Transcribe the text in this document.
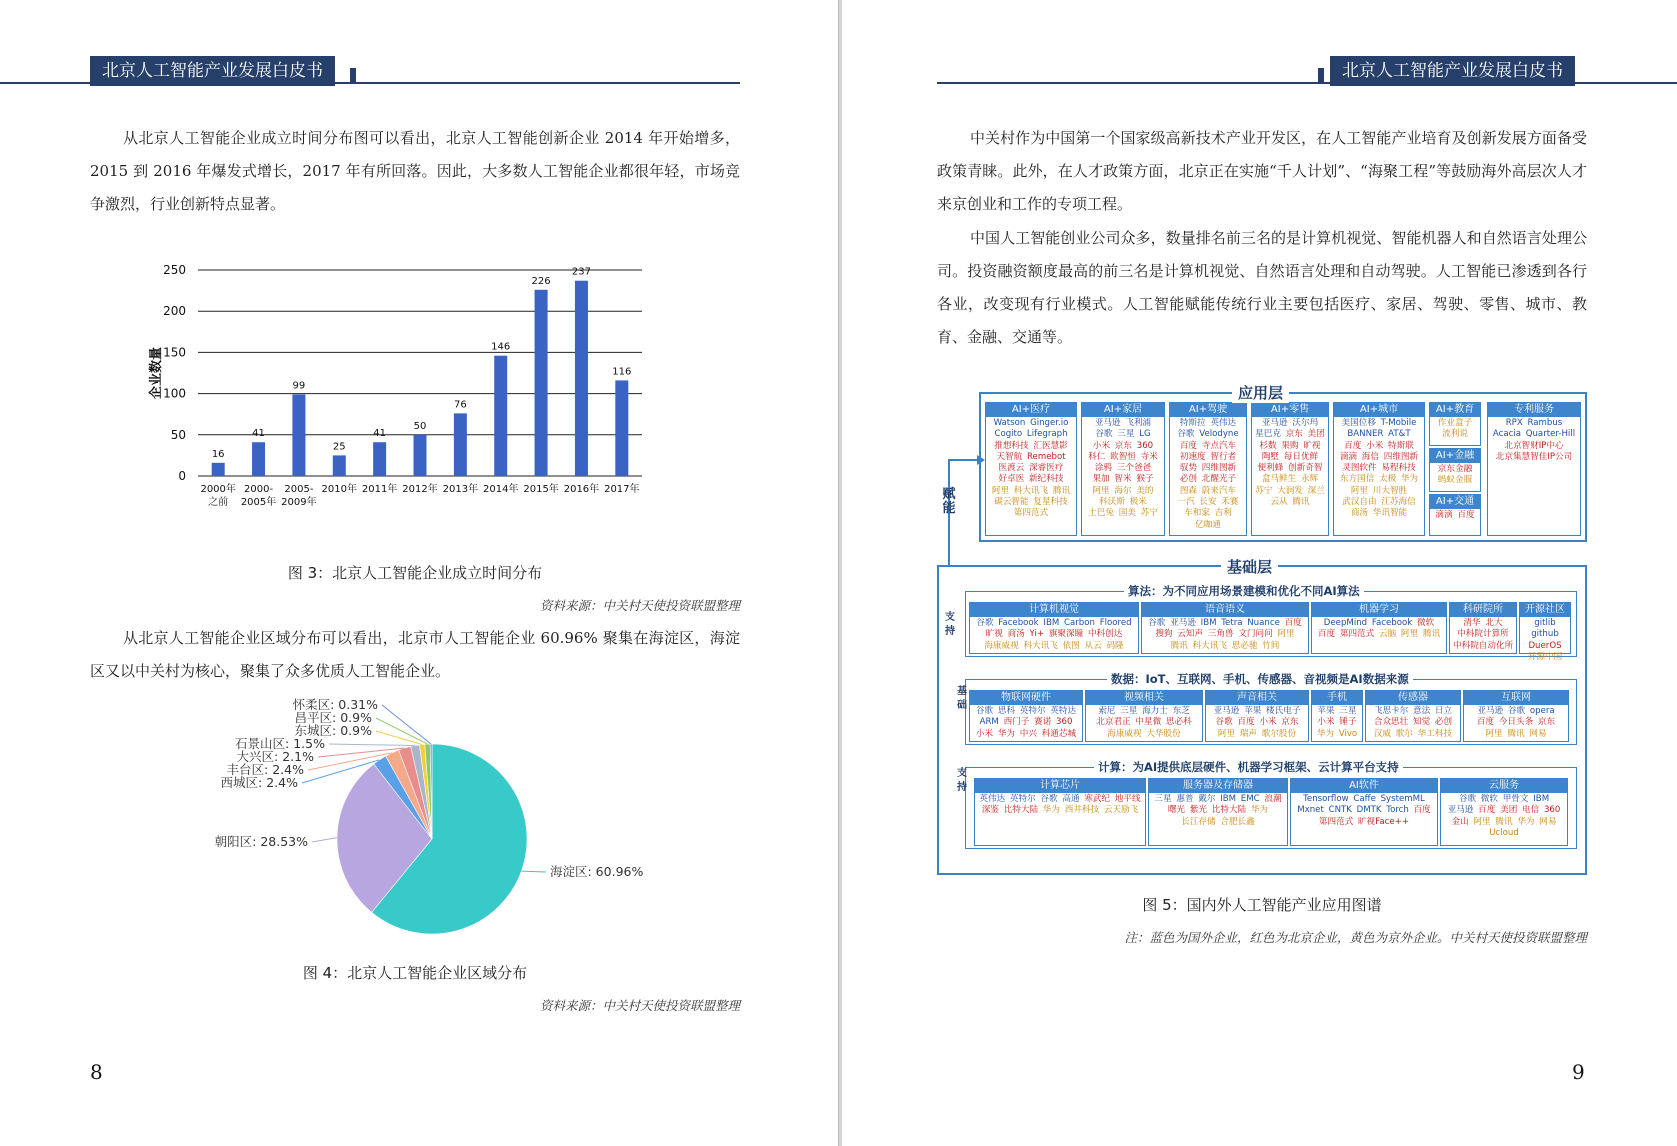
北京人工智能产业发展白皮书
从北京人工智能企业成立时间分布图可以看出，北京人工智能创新企业 2014 年开始增多，2015 到 2016 年爆发式增长，2017 年有所回落。因此，大多数人工智能企业都很年轻，市场竞争激烈，行业创新特点显著。
0
50
100
150
200
250
16
2000年
之前
41
2000-
2005年
99
2005-
2009年
25
2010年
41
2011年
50
2012年
76
2013年
146
2014年
226
2015年
237
2016年
116
2017年
企业数量
图 3：北京人工智能企业成立时间分布
资料来源：中关村天使投资联盟整理
从北京人工智能企业区域分布可以看出，北京市人工智能企业 60.96% 聚集在海淀区，海淀区又以中关村为核心，聚集了众多优质人工智能企业。
海淀区: 60.96%
朝阳区: 28.53%
西城区: 2.4%
丰台区: 2.4%
大兴区: 2.1%
石景山区: 1.5%
东城区: 0.9%
昌平区: 0.9%
怀柔区: 0.31%
图 4：北京人工智能企业区域分布
资料来源：中关村天使投资联盟整理
8
北京人工智能产业发展白皮书
中关村作为中国第一个国家级高新技术产业开发区，在人工智能产业培育及创新发展方面备受政策青睐。此外，在人才政策方面，北京正在实施“千人计划”、“海聚工程”等鼓励海外高层次人才来京创业和工作的专项工程。
中国人工智能创业公司众多，数量排名前三名的是计算机视觉、智能机器人和自然语言处理公司。投资融资额度最高的前三名是计算机视觉、自然语言处理和自动驾驶。人工智能已渗透到各行各业，改变现有行业模式。人工智能赋能传统行业主要包括医疗、家居、驾驶、零售、城市、教育、金融、交通等。
AI+医疗
Watson Ginger.io Cogito Lifegraph 推想科技 汇医慧影 天智航 Remebot 医渡云 深睿医疗 好卓医 新纪科技 阿里 科大讯飞 腾讯 碳云智能 复星科技 第四范式
AI+家居
亚马逊 飞利浦 谷歌 三星 LG 小米 京东 360 科仁 欧智恒 寺米 涂鸦 三个爸爸 果加 智米 猴子 阿里 海尔 美的 科沃斯 极米 土巴兔 国美 苏宁
AI+驾驶
特斯拉 英伟达 谷歌 Velodyne 百度 寺点汽车 初速度 智行者 驭势 四维图新 必创 北醒光子 图森 蔚来汽车 一汽 长安 禾赛 车和家 吉利 亿咖通
AI+零售
亚马逊 沃尔玛 星巴克 京东 美团 杉数 果购 旷视 陶墅 每日优鲜 便利蜂 创新奇智 盒马鲜生 永辉 苏宁 大润发 深兰 云从 腾讯
AI+城市
美国位移 T-Mobile BANNER AT&T 百度 小米 特斯联 滴滴 海信 四维图新 灵图软件 易程科技 东方国信 太极 华为 阿里 川大智胜 武汉自由 江苏海信 商汤 华讯智能
AI+教育
作业盒子 流利说
AI+金融
京东金融 蚂蚁金服
AI+交通
滴滴 百度
专利服务
RPX Rambus Acacia Quarter-Hill 北京智财IP中心 北京集慧智佳IP公司
应用层
赋能
计算机视觉
谷歌 Facebook IBM Carbon Floored 旷视 商汤 Yi+ 旗聚深瞳 中科创达 海康威视 科大讯飞 依图 从云 码隆
语音语义
谷歌 亚马逊 IBM Tetra Nuance 百度 搜狗 云知声 三角兽 文门问问 阿里 腾讯 科大讯飞 思必驰 竹间
机器学习
DeepMind Facebook 微软 百度 第四范式 云脑 阿里 腾讯
科研院所
清华 北大 中科院计算所 中科院自动化所
开源社区
gitlib github DuerOS 开源中国
算法：为不同应用场景建模和优化不同AI算法
物联网硬件
谷歌 思科 英特尔 英特达 ARM 西门子 赛诺 360 小米 华为 中兴 科通芯城
视频相关
索尼 三星 海力士 东芝 北京君正 中星微 思必科 海康威视 大华股份
声音相关
亚马逊 苹果 楼氏电子 谷歌 百度 小米 京东 阿里 瑞声 歌尔股份
手机
苹果 三星 小米 锤子 华为 Vivo
传感器
飞思卡尔 意法 日立 合众思壮 知觉 必创 汉威 歌尔 华工科技
互联网
亚马逊 谷歌 opera 百度 今日头条 京东 阿里 腾讯 网易
数据：IoT、互联网、手机、传感器、音视频是AI数据来源
计算芯片
英伟达 英特尔 谷歌 高通 寒武纪 地平线 深鉴 比特大陆 华为 西井科技 云天励飞
服务器及存储器
三星 惠普 戴尔 IBM EMC 浪潮 曙光 紫光 比特大陆 华为 长江存储 合肥长鑫
AI软件
Tensorflow Caffe SystemML Mxnet CNTK DMTK Torch 百度 第四范式 旷视Face++
云服务
谷歌 微软 甲骨文 IBM 亚马逊 百度 美团 电信 360 金山 阿里 腾讯 华为 网易 Ucloud
计算：为AI提供底层硬件、机器学习框架、云计算平台支持
支持
基础
支持
基础层
图 5：国内外人工智能产业应用图谱
注：蓝色为国外企业，红色为北京企业，黄色为京外企业。中关村天使投资联盟整理
9
